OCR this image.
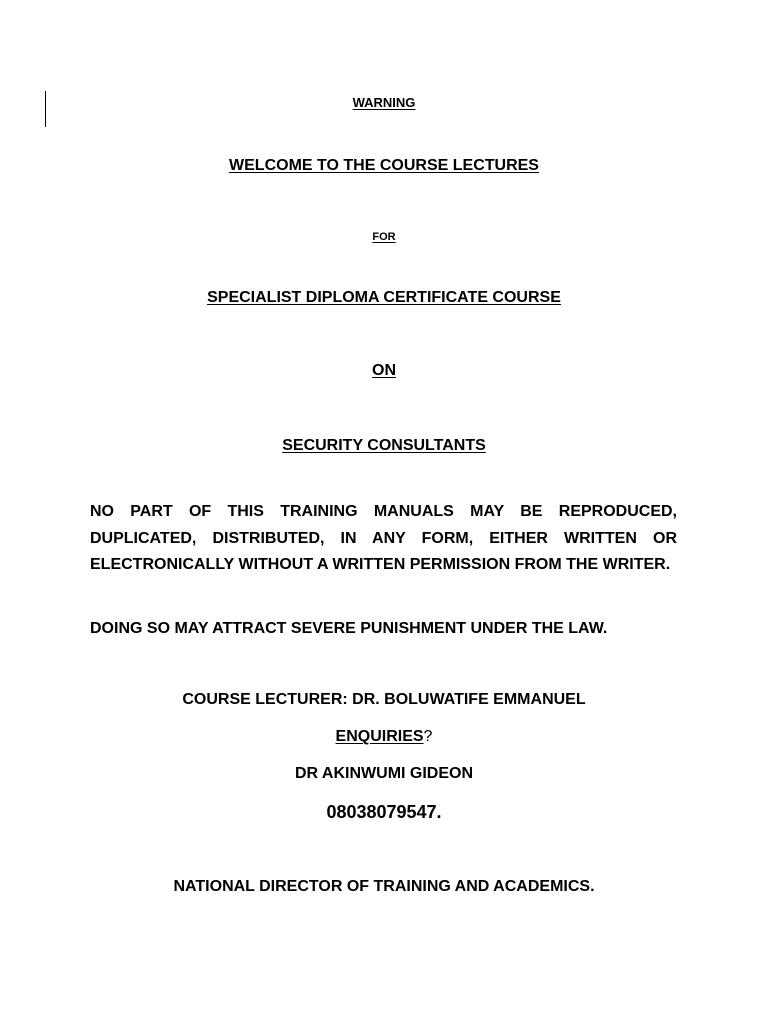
WARNING
WELCOME TO THE COURSE LECTURES
FOR
SPECIALIST DIPLOMA CERTIFICATE COURSE
ON
SECURITY CONSULTANTS
NO PART OF THIS TRAINING MANUALS MAY BE REPRODUCED, DUPLICATED, DISTRIBUTED, IN ANY FORM, EITHER WRITTEN OR ELECTRONICALLY WITHOUT A WRITTEN PERMISSION FROM THE WRITER.
DOING SO MAY ATTRACT SEVERE PUNISHMENT UNDER THE LAW.
COURSE LECTURER: DR. BOLUWATIFE EMMANUEL
ENQUIRIES?
DR AKINWUMI GIDEON
08038079547.
NATIONAL DIRECTOR OF TRAINING AND ACADEMICS.
